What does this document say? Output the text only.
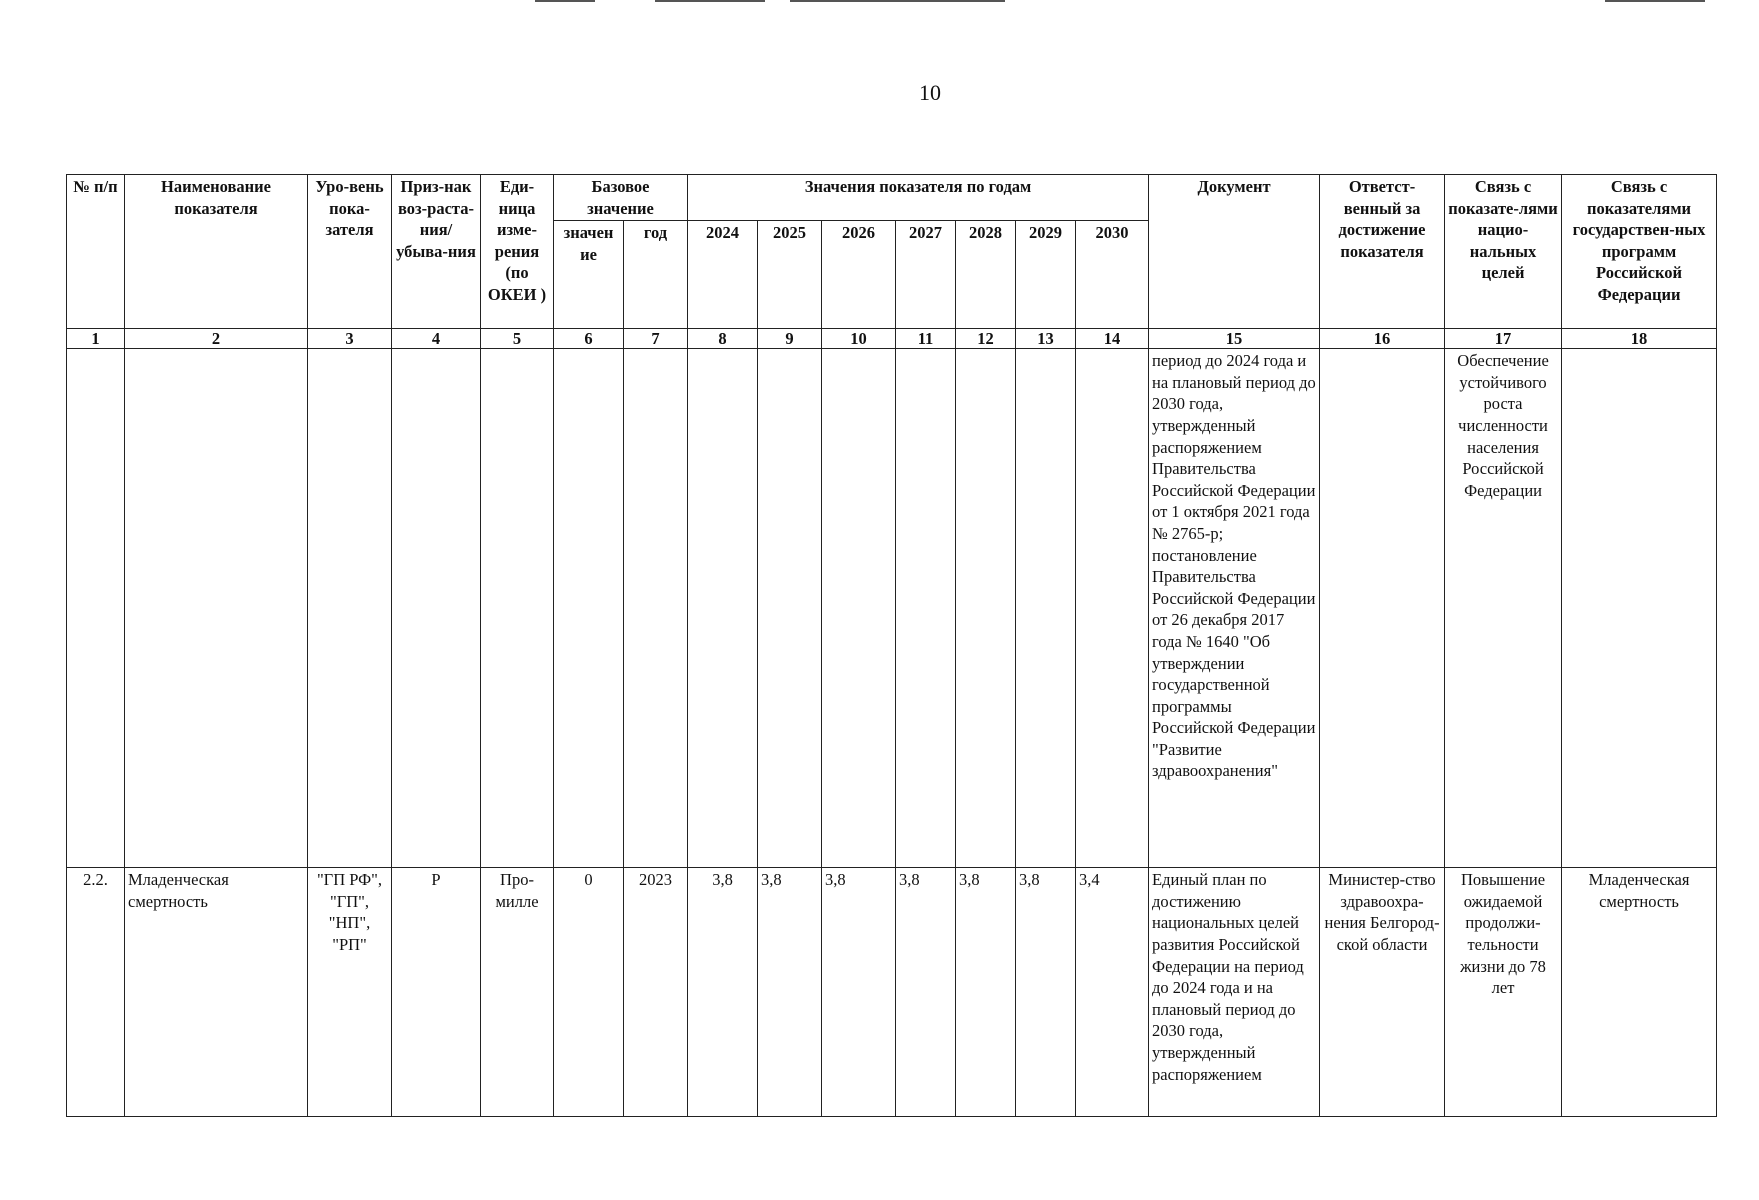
10
№ п/п	Наименование показателя	Уро-вень пока-зателя	Приз-нак воз-раста-ния/ убыва-ния	Еди-ница изме-рения (по ОКЕИ )	Базовое значение		Значения показателя по годам							Документ	Ответст-венный за достижение показателя	Связь с показате-лями нацио-нальных целей	Связь с показателями государствен-ных программ Российской Федерации
					значен ие	год	2024	2025	2026	2027	2028	2029	2030				
1	2	3	4	5	6	7	8	9	10	11	12	13	14	15	16	17	18
														период до 2024 года и на плановый период до 2030 года, утвержденный распоряжением Правительства Российской Федерации от 1 октября 2021 года № 2765-р; постановление Правительства Российской Федерации от 26 декабря 2017 года № 1640 "Об утверждении государственной программы Российской Федерации "Развитие здравоохранения"		Обеспечение устойчивого роста численности населения Российской Федерации	
2.2.	Младенческая смертность	"ГП РФ", "ГП", "НП", "РП"	Р	Про-милле	0	2023	3,8	3,8	3,8	3,8	3,8	3,8	3,4	Единый план по достижению национальных целей развития Российской Федерации на период до 2024 года и на плановый период до 2030 года, утвержденный распоряжением	Министер-ство здравоохра-нения Белгород-ской области	Повышение ожидаемой продолжи-тельности жизни до 78 лет	Младенческая смертность
